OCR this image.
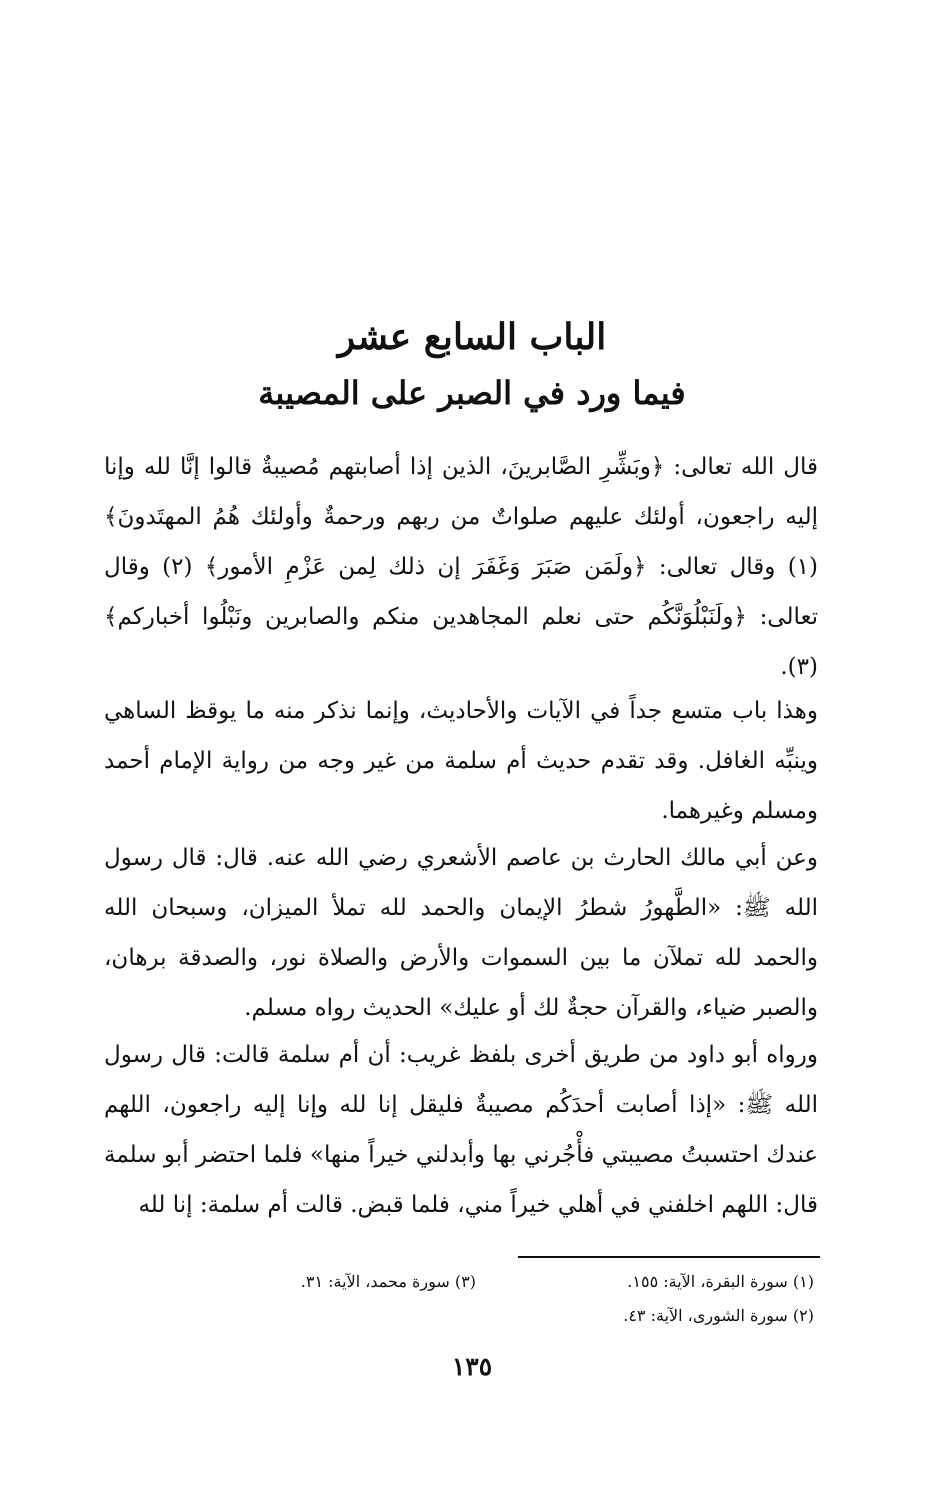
الباب السابع عشر
فيما ورد في الصبر على المصيبة
قال الله تعالى: ﴿وبَشِّرِ الصَّابرينَ، الذين إذا أصابتهم مُصيبةٌ قالوا إنَّا لله وإنا إليه راجعون، أولئك عليهم صلواتٌ من ربهم ورحمةٌ وأولئك هُمُ المهتَدونَ﴾ (١) وقال تعالى: ﴿ولَمَن صَبَرَ وَغَفَرَ إن ذلك لِمن عَزْمِ الأمور﴾ (٢) وقال تعالى: ﴿ولَنَبْلُوَنَّكُم حتى نعلم المجاهدين منكم والصابرين ونَبْلُوا أخباركم﴾ (٣).
وهذا باب متسع جداً في الآيات والأحاديث، وإنما نذكر منه ما يوقظ الساهي وينبِّه الغافل. وقد تقدم حديث أم سلمة من غير وجه من رواية الإمام أحمد ومسلم وغيرهما.
وعن أبي مالك الحارث بن عاصم الأشعري رضي الله عنه. قال: قال رسول الله ﷺ: «الطَّهورُ شطرُ الإيمان والحمد لله تملأ الميزان، وسبحان الله والحمد لله تملآن ما بين السموات والأرض والصلاة نور، والصدقة برهان، والصبر ضياء، والقرآن حجةٌ لك أو عليك» الحديث رواه مسلم.
ورواه أبو داود من طريق أخرى بلفظ غريب: أن أم سلمة قالت: قال رسول الله ﷺ: «إذا أصابت أحدَكُم مصيبةٌ فليقل إنا لله وإنا إليه راجعون، اللهم عندك احتسبتُ مصيبتي فأْجُرني بها وأبدلني خيراً منها» فلما احتضر أبو سلمة قال: اللهم اخلفني في أهلي خيراً مني، فلما قبض. قالت أم سلمة: إنا لله
(١) سورة البقرة، الآية: ١٥٥.
(٢) سورة الشورى، الآية: ٤٣.
(٣) سورة محمد، الآية: ٣١.
١٣٥
